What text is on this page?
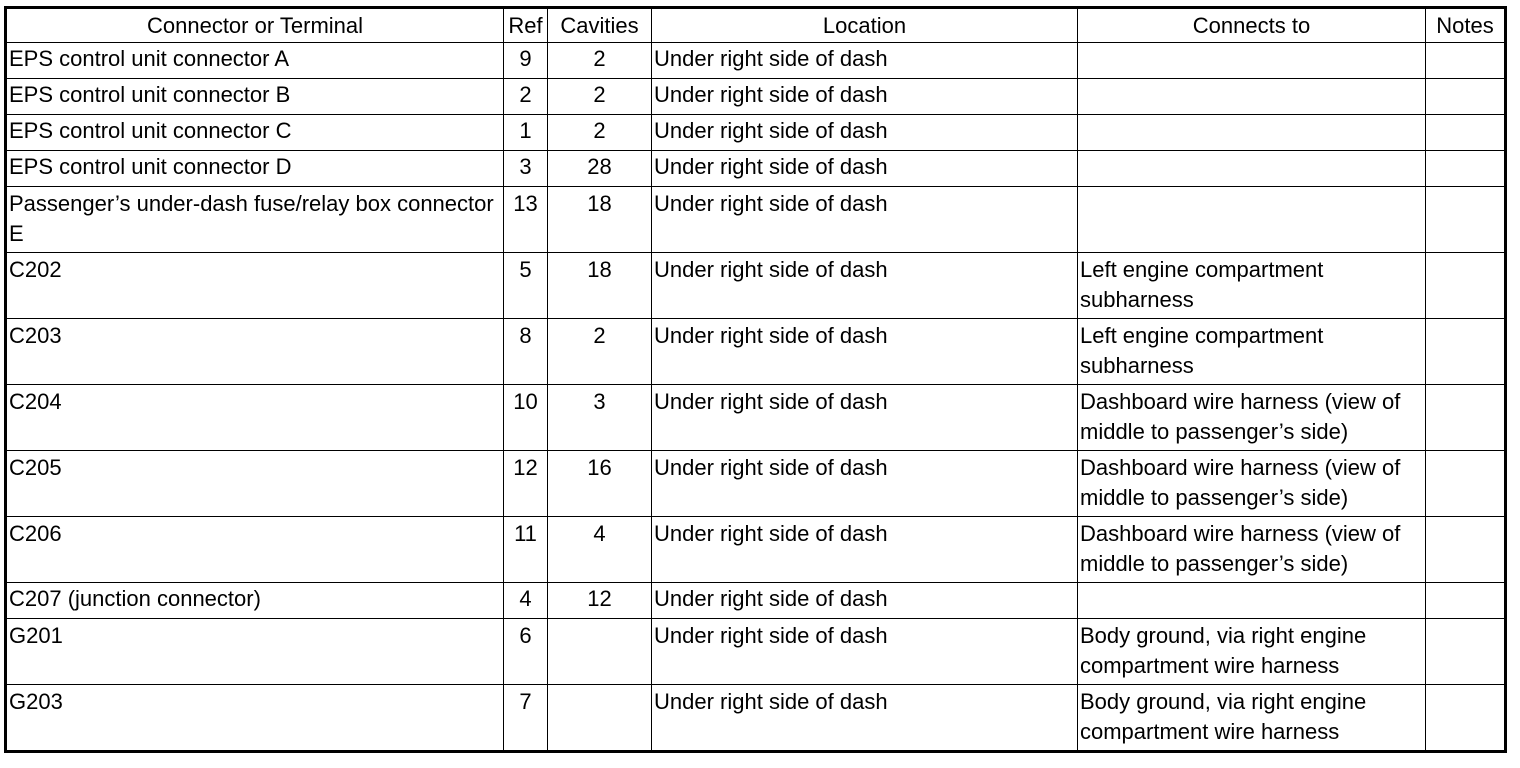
Connector or Terminal	Ref	Cavities	Location	Connects to	Notes
EPS control unit connector A	9	2	Under right side of dash		
EPS control unit connector B	2	2	Under right side of dash		
EPS control unit connector C	1	2	Under right side of dash		
EPS control unit connector D	3	28	Under right side of dash		
Passenger’s under-dash fuse/relay box connector E	13	18	Under right side of dash		
C202	5	18	Under right side of dash	Left engine compartment subharness	
C203	8	2	Under right side of dash	Left engine compartment subharness	
C204	10	3	Under right side of dash	Dashboard wire harness (view of middle to passenger’s side)	
C205	12	16	Under right side of dash	Dashboard wire harness (view of middle to passenger’s side)	
C206	11	4	Under right side of dash	Dashboard wire harness (view of middle to passenger’s side)	
C207 (junction connector)	4	12	Under right side of dash		
G201	6		Under right side of dash	Body ground, via right engine compartment wire harness	
G203	7		Under right side of dash	Body ground, via right engine compartment wire harness	
